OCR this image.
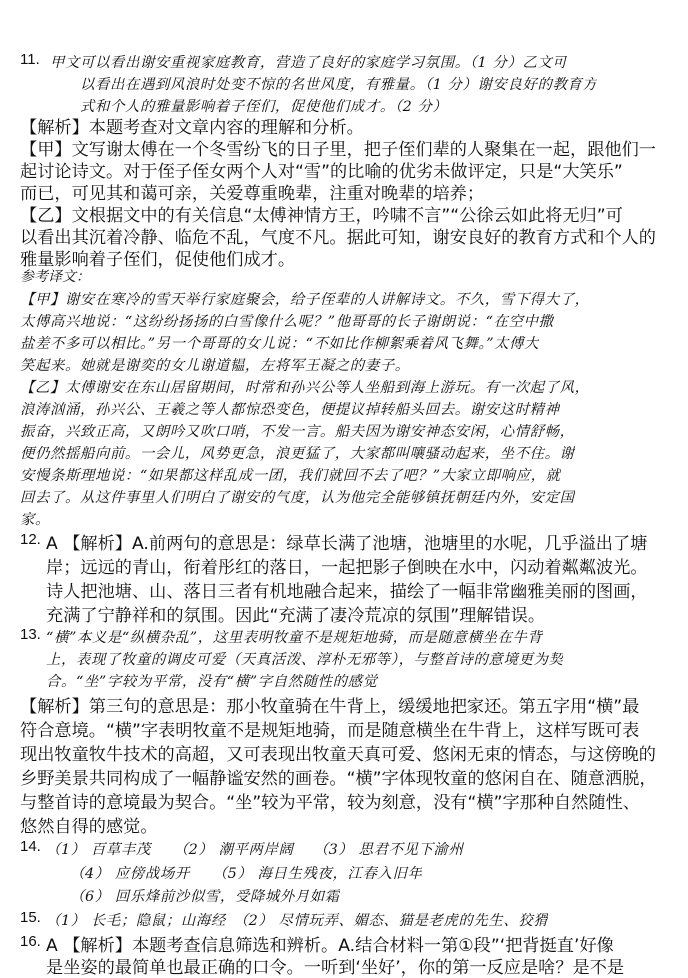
11. 甲文可以看出谢安重视家庭教育，营造了良好的家庭学习氛围。（1 分）乙文可
以看出在遇到风浪时处变不惊的名世风度，有雅量。（1 分）谢安良好的教育方
式和个人的雅量影响着子侄们，促使他们成才。（2 分）
【解析】本题考查对文章内容的理解和分析。
【甲】文写谢太傅在一个冬雪纷飞的日子里，把子侄们辈的人聚集在一起，跟他们一
起讨论诗文。对于侄子侄女两个人对“雪”的比喻的优劣未做评定，只是“大笑乐”
而已，可见其和蔼可亲，关爱尊重晚辈，注重对晚辈的培养；
【乙】文根据文中的有关信息“太傅神情方王，吟啸不言”“公徐云如此将无归”可
以看出其沉着冷静、临危不乱，气度不凡。据此可知，谢安良好的教育方式和个人的
雅量影响着子侄们，促使他们成才。
参考译文：
【甲】谢安在寒冷的雪天举行家庭聚会，给子侄辈的人讲解诗文。不久，雪下得大了，
太傅高兴地说：“这纷纷扬扬的白雪像什么呢？”他哥哥的长子谢朗说：“在空中撒
盐差不多可以相比。”另一个哥哥的女儿说：“不如比作柳絮乘着风飞舞。”太傅大
笑起来。她就是谢奕的女儿谢道韫，左将军王凝之的妻子。
【乙】太傅谢安在东山居留期间，时常和孙兴公等人坐船到海上游玩。有一次起了风，
浪涛汹涌，孙兴公、王羲之等人都惊恐变色，便提议掉转船头回去。谢安这时精神
振奋，兴致正高，又朗吟又吹口哨，不发一言。船夫因为谢安神态安闲，心情舒畅，
便仍然摇船向前。一会儿，风势更急，浪更猛了，大家都叫嚷骚动起来，坐不住。谢
安慢条斯理地说：“如果都这样乱成一团，我们就回不去了吧？”大家立即响应，就
回去了。从这件事里人们明白了谢安的气度，认为他完全能够镇抚朝廷内外，安定国
家。
12. A 【解析】A.前两句的意思是：绿草长满了池塘，池塘里的水呢，几乎溢出了塘
岸；远远的青山，衔着彤红的落日，一起把影子倒映在水中，闪动着粼粼波光。
诗人把池塘、山、落日三者有机地融合起来，描绘了一幅非常幽雅美丽的图画，
充满了宁静祥和的氛围。因此“充满了凄冷荒凉的氛围”理解错误。
13. “横”本义是“纵横杂乱”，这里表明牧童不是规矩地骑，而是随意横坐在牛背
上，表现了牧童的调皮可爱（天真活泼、淳朴无邪等），与整首诗的意境更为契
合。“坐”字较为平常，没有“横”字自然随性的感觉
【解析】第三句的意思是：那小牧童骑在牛背上，缓缓地把家还。第五字用“横”最
符合意境。“横”字表明牧童不是规矩地骑，而是随意横坐在牛背上，这样写既可表
现出牧童牧牛技术的高超，又可表现出牧童天真可爱、悠闲无束的情态，与这傍晚的
乡野美景共同构成了一幅静谧安然的画卷。“横”字体现牧童的悠闲自在、随意洒脱，
与整首诗的意境最为契合。“坐”较为平常，较为刻意，没有“横”字那种自然随性、
悠然自得的感觉。
15. （1） 长毛；隐鼠；山海经　（2） 尽情玩弄、媚态、猫是老虎的先生、狡猾
16. A 【解析】本题考查信息筛选和辨析。A.结合材料一第①段”‘把背挺直’好像
14. （1） 百草丰茂　　（2） 潮平两岸阔　 （3） 思君不见下渝州
（4） 应傍战场开　　（5） 海日生残夜，江春入旧年
（6） 回乐烽前沙似雪，受降城外月如霜
是坐姿的最简单也最正确的口令。一听到‘坐好’，你的第一反应是啥？是不是
